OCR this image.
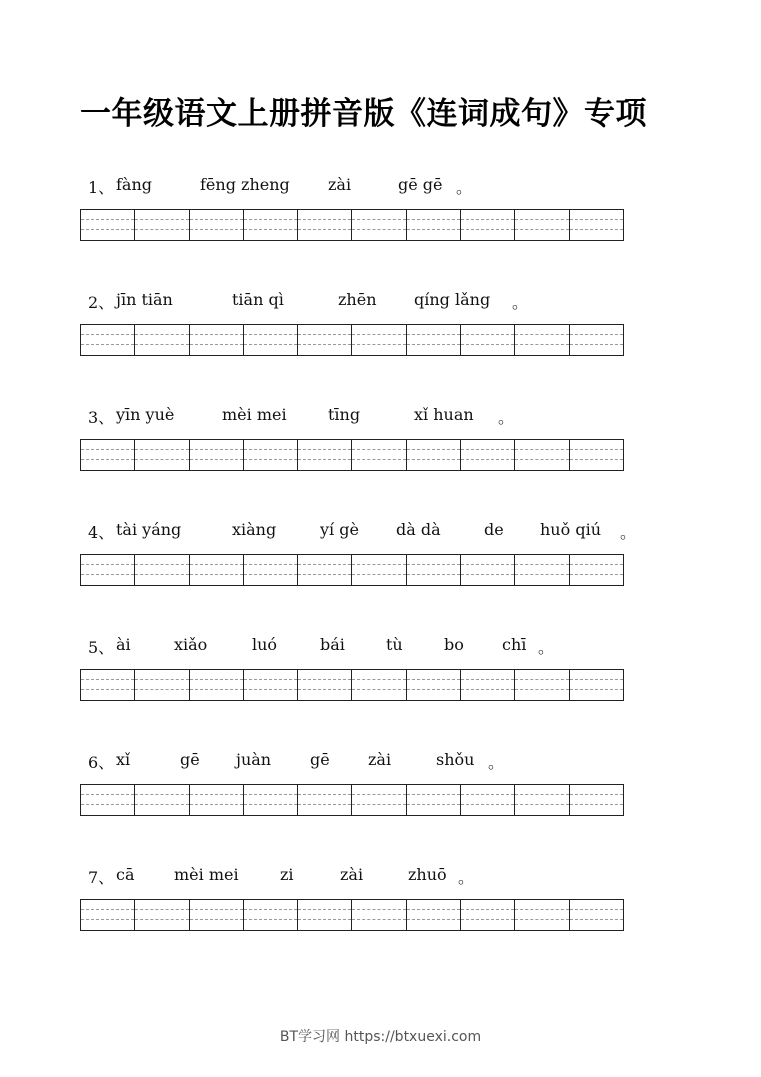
一年级语文上册拼音版《连词成句》专项
1、 fàng	fēng zheng zài	gē gē 。
2、 jīn tiān	tiān qì	zhēn qíng lǎng 。
3、 yīn yuè	mèi mei	tīng	xǐ huan 。
4、 tài yáng	xiàng	yí gè dà dà	de huǒ qiú 。
5、 ài	xiǎo	luó	bái	tù	bo chī 。
6、 xǐ	gē juàn gē zài	shǒu 。
7、 cā mèi mei	zi	zài	zhuō 。
BT学习网 https://btxuexi.com
